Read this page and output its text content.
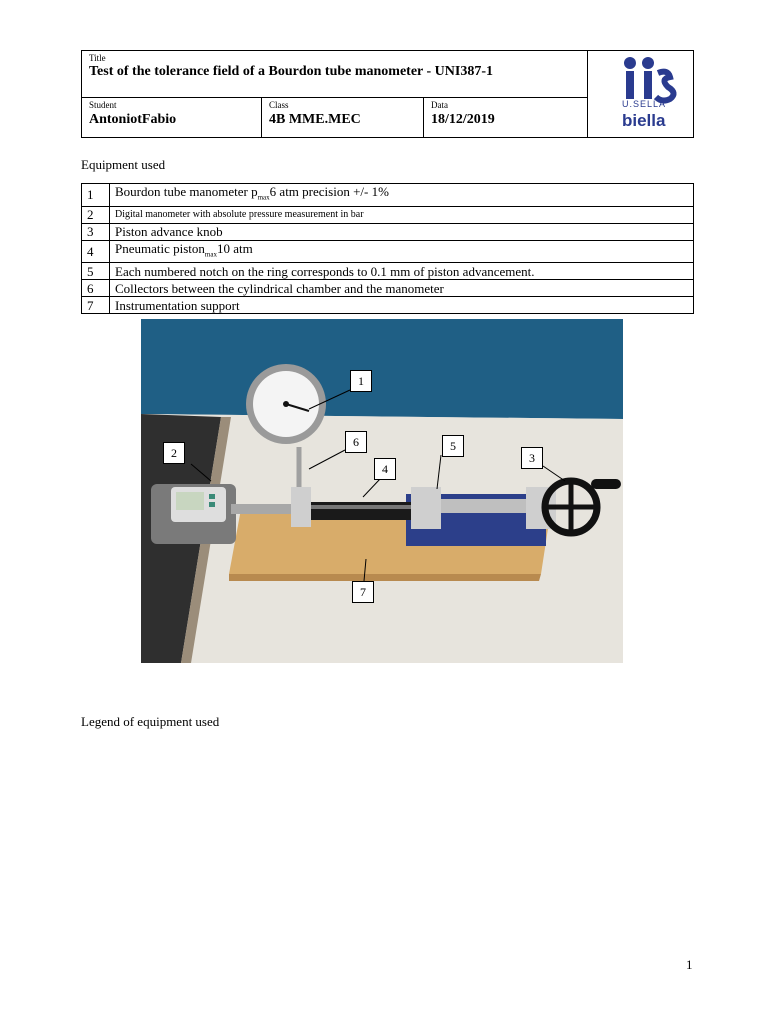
Title
Test of the tolerance field of a Bourdon tube manometer - UNI387-1
Student
AntoniotFabio
Class
4B MME.MEC
Data
18/12/2019
U.SELLA
biella
Equipment used
1	Bourdon tube manometer $p_{max}6$ atm precision +/- 1%
2	Digital manometer with absolute pressure measurement in bar
3	Piston advance knob
4	Pneumatic piston$_{max}$10 atm
5	Each numbered notch on the ring corresponds to 0.1 mm of piston advancement.
6	Collectors between the cylindrical chamber and the manometer
7	Instrumentation support
1
2	3
4
5
6
7
Legend of equipment used
1
